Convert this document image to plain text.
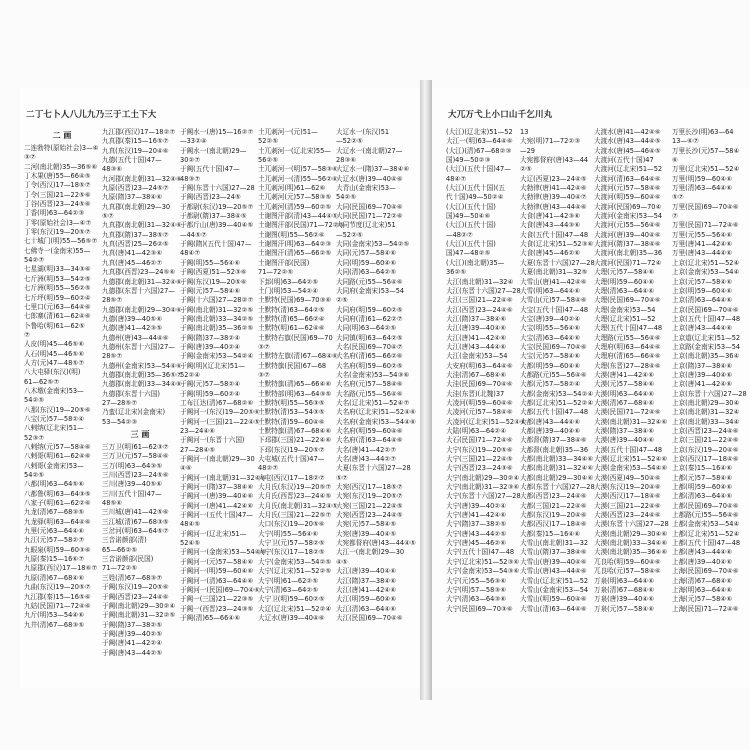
二丁七卜人八儿九乃三于工土下大
二 画
二连勃特(原始社会)3—④
③⑦
二河(南北朝)35—36⑤⑥
丁木果(唐)55—66④⑤
丁令(西汉)17—18⑤⑦
丁令(三国)21—22⑤⑥
丁谷(西晋)23—24⑤⑥
丁香(明)63—64②③
丁零(原始社会)3—④⑦
丁零(东汉)19—20⑤⑦
七十城门(明)55—56⑤⑦
七佛寺一(金南宋)55—
54②⑦
七星湖(明)33—34③⑥
七斤洲(明)53—54②⑤
七斤洲(明)55—56②⑤
七斤坪(明)59—60②④
七里口(元)63—64④⑥
七郎寨(清)61—62④⑥
卜鲁哈(明)61—62⑤
⑦
人皮(明)45—46⑤⑥
人石(明)45—46⑤⑥
人方(元)47—48⑤⑦
八大屯驿(东汉)(明)
61—62⑤⑦
八木墩(金南宋)53—
54②⑤
八那(东汉)19—20⑤⑥
八宝(元)57—58②④
八剌纳(辽北宋)51—
52③⑦
八剌纳(元)57—58④⑥
八剌哥(明)61—62④⑥
八剌哥(金南宋)53—
54②⑤
八都(明)63—64⑤⑥
八都鲁(明)63—64③⑤
八家子(明)61—62②⑥
九龙(清)67—68③⑤
九龙驿(明)63—64④⑥
九里(元)63—64④⑥
九江(元)57—58②⑦
九眼泉(明)59—60③⑥
九原(秦)15—16⑥⑦
九原郡(西汉)17—18⑥⑦
九原(清)67—68④⑥
九曲(东汉)19—20⑤⑦
九江郡(秦)15—16⑤⑥
九姑(民国)71—72④⑥
九斤(明)53—54④⑥
九井(清)67—68③⑤
九江郡(西汉)17—18②⑦
九真郡(秦)15—16⑤⑦
九真(东汉)19—20④⑥
九德(五代十国)47—
48③⑥
九河郡(南北朝)31—32④⑥
九原(西晋)23—24⑤⑦
九原(隋)37—38④⑥
九真郡(南北朝)29—30
⑤⑦
九真郡(南北朝)31—32④⑥
九真郡(隋)37—38⑤⑦
九真(西晋)25—26②⑤
九真(唐)41—42③⑥
九真(唐)45—46②⑦
九真郡(西晋)23—24⑤⑥
九德郡(南北朝)31—32④⑥
九德郡(东晋十六国)27—
28⑤⑦
九德郡(南北朝)29—30④⑥
九德(唐)39—40⑤⑥
九德(唐)41—42③⑤
九德州(唐)43—44④⑥
九德州(东晋十六国)27—
28⑤⑦
九德州(金南宋)53—54④⑥
九德郡(南北朝)35—36⑤⑦
九德郡(南北朝)33—34④⑥
九德郡(东晋十六国)
27—28⑤⑦
乃蛮(辽北宋)(金南宋)
53—54②③
三 画
三万卫(明)61—62③⑦
三万卫(元)57—58④⑥
三万(明)63—64③⑤
三川(西晋)23—24⑤⑥
三川(唐)39—40⑤⑥
三川(五代十国)47—
48⑤⑥
三川城(唐)41—42⑤⑥
三江城(清)67—68③⑤
三岔河(明)63—64⑤⑦
三音诺颜部(清)
65—66②⑤
三音诺颜部(民国)
71—72②⑤
三姓(清)67—68③⑦
于阗(东汉)19—20⑤⑥
于阗(西晋)23—24④⑥
于阗(南北朝)29—30②④
于阗(南北朝)31—32②⑤
于阗(隋)37—38②⑤
于阗(唐)39—40②⑤
于阗(唐)41—42②④
于阗(唐)43—44②⑤
于阗水一(唐)15—16②⑦
—33②④
于阗水一(南北朝)29—
30②⑦
于阗(五代十国)47—
48③⑦
于阗(东晋十六国)27—28
于阗(西晋)23—24⑤
于都尉(东汉)19—20⑤⑦
于都尉(隋)37—38④⑤
于都斤山(唐)39—40④⑤
—44⑤⑦
于阗(隋)(五代十国)47—
48④⑦
于阗(明)55—56④⑥
于阗(西夏)51—52③⑥
于阗(东汉)19—20⑤⑥
于阗(元)57—58④⑥
于阗(十六国)27—28②⑦
于阗(南北朝)31—32②⑤
于阗(南北朝)33—34②⑤
于阗(南北朝)35—36②⑤
于阗(隋)37—38②④
于阗(唐)39—40②④
于阗(金南宋)53—54②④
于阗(明)(辽北宋)51—
52②④
于阗(元)57—58②④
于阗(明)59—60②④
工布江达(清)67—68②⑥
于阗河一(东汉)19—20⑤⑥
于阗河一(三国)21—22④⑤
23—24④⑥
于阗河一(东晋十六国)
27—28④⑤
于阗河一(南北朝)29—30
④⑥
于阗河一(南北朝)31—32④⑥
于阗河一(隋)37—38④⑥
于阗河一(唐)39—40④⑥
于阗河一(唐)41—42④⑥
于阗河一(五代十国)47—
48④⑤
于阗河一(辽北宋)51—
52④⑤
于阗河一(金南宋)53—54④⑥
于阗河一(元)57—58④⑥
于阗河一(明)59—60④⑥
于阗河一(清)63—64④⑥
于阗河一(民国)69—70④⑥
于阗一(三国)21—22③⑤
于阗一(西晋)23—24③⑤
于阗(清)65—66④⑥
土兀刺河一(元)51—
52②⑤
土兀刺河一(辽北宋)55—
56②⑤
土兀刺河一(明)57—58③⑥
土兀刺河一(清)55—56②⑥
土兀刺河(明)61—62⑥
土兀刺河(元)57—58③⑤
土兀刺河(清)59—60②⑤
土谢图汗部(清)43—44④⑤
土谢图汗部(民国)71—72②⑤
土谢图(明)55—56②⑥
土谢图汗(明)63—64②③
土谢图汗(清)65—66②⑤
土谢图汗部(民国)
71—72②⑤
下邽(明)63—64②⑤
土门(明)53—54②④
土默特(民国)69—70③⑥
土默特(清)63—64②⑤
土默特(清)65—66②④
土默特(明)61—62④⑥
土默特右旗(民国)69—70
③⑦
土默特左旗(清)67—68④⑥
土默特旗(民国)67—68
③⑦
土默特旗(清)65—66④⑥
土默特部(明)63—64③⑤
土默特(明)55—56③⑤
土默特(清)53—54③⑤
土默特(清)59—60④⑥
土默特旗(清)67—68④⑥
下邳郡(三国)21—22④⑥
下邳(东汉)19—20⑤⑦
大屯城(五代十国)47—
48②⑦
大屯(西汉)17—18②⑦
大月氏(东汉)19—20⑤⑦
大月氏(西晋)23—24④⑤
大月氏(南北朝)31—32④⑤
大月氏(三国)21—22⑤⑦
大口(东汉)19—20⑤⑥
大宁(明)55—56④⑥
大宁卫(元)57—58②⑤
大宁(东汉)17—18②⑤
大宁(金南宋)53—54②⑤
大宁(辽北宋)51—52②⑤
大宁(明)61—62②⑤
大宁(清)63—64②⑤
大宁卫(明)59—60②⑤
大辽(辽北宋)51—52②④
大辽水(唐)39—40④⑥
大辽水一(东汉)51
—52②⑤
大辽水一(南北朝)27—
28③⑥
大辽水一(隋)37—38④⑥
大辽水(唐)39—40④⑥
大青山(金南宋)53—
54②⑤
大同(民国)69—70④⑥
大同(民国)71—72②⑥
大同节度(辽北宋)51
—52②⑤
大同(金南宋)53—54②⑤
大同(元)57—58④⑥
大同(明)59—60④⑥
大同(清)63—64②⑤
大同路(元)55—56④⑥
大同府(金南宋)53—54
②⑤
大同府(明)59—60②⑤
大同府(清)61—62②⑦
大同(明)63—64②⑤
大同镇(明)63—64②⑤
大名(民国)69—70④⑦
大名府(清)65—66②⑥
大名府(明)59—60②⑤
大名(金南宋)53—54③⑥
大名府(元)57—58④⑥
大名路(元)55—56④⑥
大名(辽北宋)51—52④⑦
大名府(辽北宋)51—52④⑥
大名府(金南宋)53—54④⑥
大名府(明)59—60④⑥
大名府(清)63—64④⑥
大名(唐)41—42②⑦
大名(唐)43—44②⑦
大夏(东晋十六国)27—28
⑤⑦
大宛(西汉)17—18⑤⑦
大宛(东汉)19—20⑤⑦
大宛(三国)21—22④⑤
大宛(西晋)23—24④⑤
大宛(元)57—58④⑤
大宛(唐)39—40④⑤
大宛都督府(唐)43—44④⑤
大江一(南北朝)29—30
④⑤
大江(唐)39—40④⑥
大江(隋)37—38④⑥
大江(唐)41—42④⑥
大江(明)59—60④⑥
大江(清)63—64④⑥
大江(民国)69—70④⑥
大兀万弋上小口山千乞川丸
(大江)(辽北宋)51—52
大江一(明)63—64④⑥
(大江)(清)67—68②③
国)49—50②③
(大江)(五代十国)47—
48④⑦
(大江)(五代十国)(五
代十国)49—50②④
(大江)(五代十国)
国)49—50④⑥
(大江)(五代十国)
—48②⑦
(大江)(五代十国)
国)47—48②⑤
(大江)(南北朝)35—
36②⑤
大江(南北朝)31—32④
大江(东晋十六国)27—28
大江(三国)21—22④⑥
大江(西晋)23—24④⑥
大江(隋)37—38④⑥
大江(唐)39—40④⑥
大江(唐)41—42④⑥
大江(唐)43—44④⑥
大江(金南宋)53—54
大安府(明)63—64④⑥
大洼(清)67—68④⑥
大洼(民国)69—70④⑥
大洼(东晋)(北魏)37
大凌河(明)59—60④⑥
大凌河(元)57—58④⑥
大凌河(辽北宋)51—52④⑥
大陆(明)63—64②④
大石(民国)71—72④⑥
大宁(东汉)19—20⑤⑥
大宁(三国)21—22④⑤
大宁(西晋)23—24③⑥
大宁(南北朝)29—30②④
大宁(南北朝)31—32③⑥
大宁(东晋十六国)27—28
大宁(唐)39—40②④
大宁(唐)41—42④⑥
大宁(隋)37—38②⑤
大宁(唐)43—44②⑤
大宁(唐)45—46②⑥
大宁(五代十国)47—48
大宁(辽北宋)51—52③⑥
大宁(金南宋)53—54③⑥
大宁(元)55—56③⑥
大宁(明)57—58③⑥
大宁(清)63—64③⑥
大宁(民国)69—70③⑥
13
大宛(明)71—72②③
—29
大宛都督府(唐)43—44
②⑤
大辽(西夏)23—24④⑤
大勃律(唐)41—42④⑥
大勃律(唐)39—40④⑦
大勃律(唐)43—44④⑥
大食(唐)41—42③⑥
大食(唐)43—44③⑥
大食(五代十国)47—48
大食(辽北宋)51—52③⑥
大食(唐)45—46②⑥
大夏(东晋十六国)27—28
大夏(南北朝)31—32⑤
大雪山(唐)41—42④⑥
大雪(明)63—64④⑥
大雪山(元)57—58④⑥
大宝(五代十国)47—48
大宝(唐)39—40②④
大宝(明)55—56④⑥
大宝(清)63—64④⑥
大宝(民国)69—70④⑥
大宝(元)57—58④⑥
大都(明)59—60④⑥
大都路(元)55—56④⑥
大都(元)57—58②④
大都(金南宋)53—54②④
大都(辽北宋)51—52②④
大都(五代十国)47—48
大都(唐)43—44④⑥
大都(唐)39—40④⑥
大都督(隋)37—38④⑥
大都督(南北朝)35—36
大都(南北朝)33—34④⑥
大都(南北朝)31—32④⑥
大都(南北朝)29—30④⑥
大都(东晋十六国)27—28
大都(西晋)23—24④⑥
大都(三国)21—22④⑥
大都(东汉)19—20④⑥
大都(西汉)17—18④⑥
大都(秦)15—16④⑥
大雪山(南北朝)31—32
大雪山(隋)37—38④⑥
大雪山(唐)39—40④⑥
大雪山(唐)43—44④⑥
大雪山(辽北宋)51—52
大雪山(金南宋)53—54
大雪山(明)59—60④⑥
大雪山(清)63—64④⑥
大渡水(唐)41—42④⑥
大渡水(唐)43—44④⑤
大渡水(唐)45—46④⑤
大渡河(五代十国)47
大渡河(辽北宋)51—52
大渡河(清)63—64④⑥
大渡河(元)57—58④⑥
大渡河(明)59—60④⑥
大渡河(民国)69—70④
大渡河(金南宋)53—54
大渡河(元)55—56④⑥
大渡河(唐)39—40④⑥
大渡河(隋)37—38④⑥
大渡河(南北朝)35—36
大渡河(民国)71—72④
大理(元)57—58④⑥
大理(明)59—60④⑥
大理(清)63—64④⑥
大理(民国)69—70④⑥
大理(金南宋)53—54
大理(辽北宋)51—52
大理(五代十国)47—48
大理路(元)55—56④⑥
大理府(明)63—64④⑥
大理府(清)65—66④⑥
大理(东晋)27—28④⑥
大漠(唐)41—42④⑥
大漠(元)57—58④⑥
大漠(明)63—64④⑥
大漠(清)67—68④⑥
大漠(民国)71—72④⑥
大漠(南北朝)31—32④⑥
大漠(隋)37—38④⑥
大漠(唐)39—40④⑥
大漠(五代十国)47—48
大漠(辽北宋)51—52④⑥
大漠(金南宋)53—54④⑥
大漠(西夏)49—50④⑥
大漠(东汉)19—20④⑥
大漠(西汉)17—18④⑥
大漠(三国)21—22④⑥
大漠(西晋)23—24④⑥
大漠(东晋十六国)27—28
大漠(南北朝)29—30④⑥
大漠(南北朝)33—34④⑥
大漠(南北朝)35—36④⑥
兀良哈(明)59—60④⑥
兀良哈(元)57—58④⑥
万泉(明)63—64④⑥
万泉(清)67—68④⑥
万泉(唐)39—40④⑥
万泉(元)57—58④⑥
万里长沙(明)63—64
13—⑥⑦
万里长沙(元)57—58④
⑥
万里(辽北宋)51—52④
万里(明)59—60④⑥
万里(清)63—64④⑥
⑤⑦
万里(民国)69—70④⑥
⑦
万里(民国)71—72④⑥
万里(元)55—56④⑥
万里(唐)41—42④⑥
万里(唐)43—44④⑥
上京(辽北宋)51—52④
上京(金南宋)53—54④
上京(元)57—58④⑥
上京(明)59—60④⑥
上京(清)63—64④⑥
上京(民国)69—70④⑥
上京(五代十国)47—48
上京(唐)43—44④⑥
上京道(辽北宋)51—52
上京路(金南宋)53—54
上京(南北朝)35—36④
上京(隋)37—38④⑥
上京(唐)39—40④⑥
上京(唐)41—42④⑥
上京(东晋十六国)27—28
上京(南北朝)29—30④
上京(南北朝)31—32④
上京(南北朝)33—34④
上京(西晋)23—24④⑥
上京(三国)21—22④⑥
上京(东汉)19—20④⑥
上京(西汉)17—18④⑥
上京(秦)15—16④⑥
上都(元)57—58④⑥
上都(明)59—60④⑥
上都(清)63—64④⑥
上都(民国)69—70④⑥
上都路(元)55—56④⑥
上都(金南宋)53—54④
上都(辽北宋)51—52④
上都(五代十国)47—48
上都(唐)43—44④⑥
上都(唐)39—40④⑥
上海(民国)69—70④⑥
上海(清)67—68④⑥
上海(明)63—64④⑥
上海(元)57—58④⑥
上海(民国)71—72④⑥
